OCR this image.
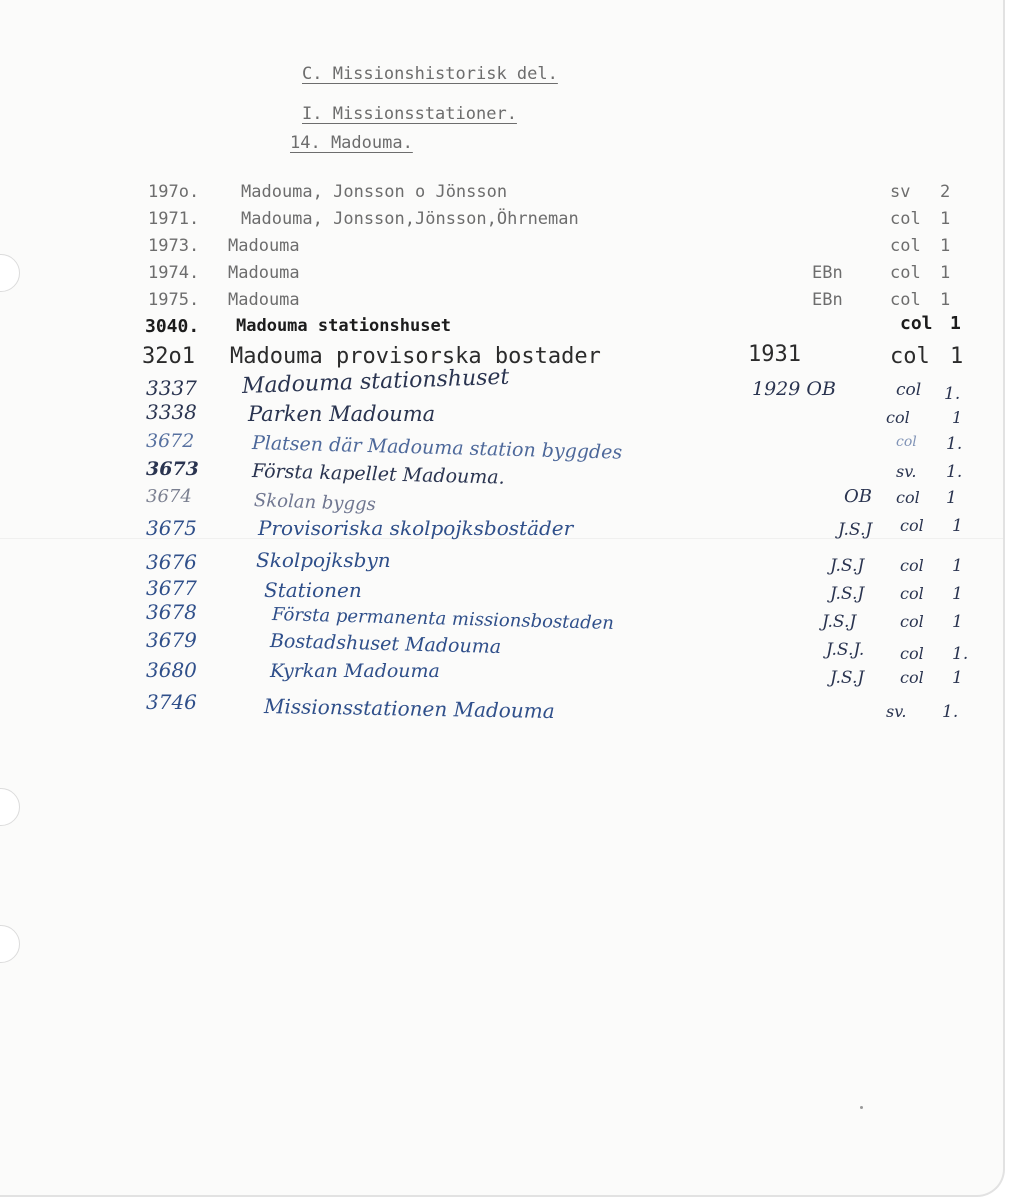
C. Missionshistorisk del.
I. Missionsstationer.
14. Madouma.
197o. Madouma, Jonsson o Jönsson	sv 2
1971. Madouma, Jonsson,Jönsson,Öhrneman	col 1
1973. Madouma	col 1
1974. Madouma	EBn	col 1
1975. Madouma	EBn	col 1
3040. Madouma stationshuset	col 1
32o1 Madouma provisorska bostader	1931	col 1
3337 Madouma stationshuset	1929 OB	col 1.
3338 Parken Madouma	col	1
3672	Platsen där Madouma station byggdes	col 1.
3673	Första kapellet Madouma.	sv. 1.
3674	Skolan byggs	OB col 1
3675	Provisoriska skolpojksbostäder	J.S.J col 1
3676	Skolpojksbyn	J.S.J col 1
3677	Stationen	J.S.J col 1
3678	Första permanenta missionsbostaden	J.S.J	col 1
3679	Bostadshuset Madouma	J.S.J. col 1.
3680	Kyrkan Madouma	J.S.J col 1
3746	Missionsstationen Madouma	sv. 1.
